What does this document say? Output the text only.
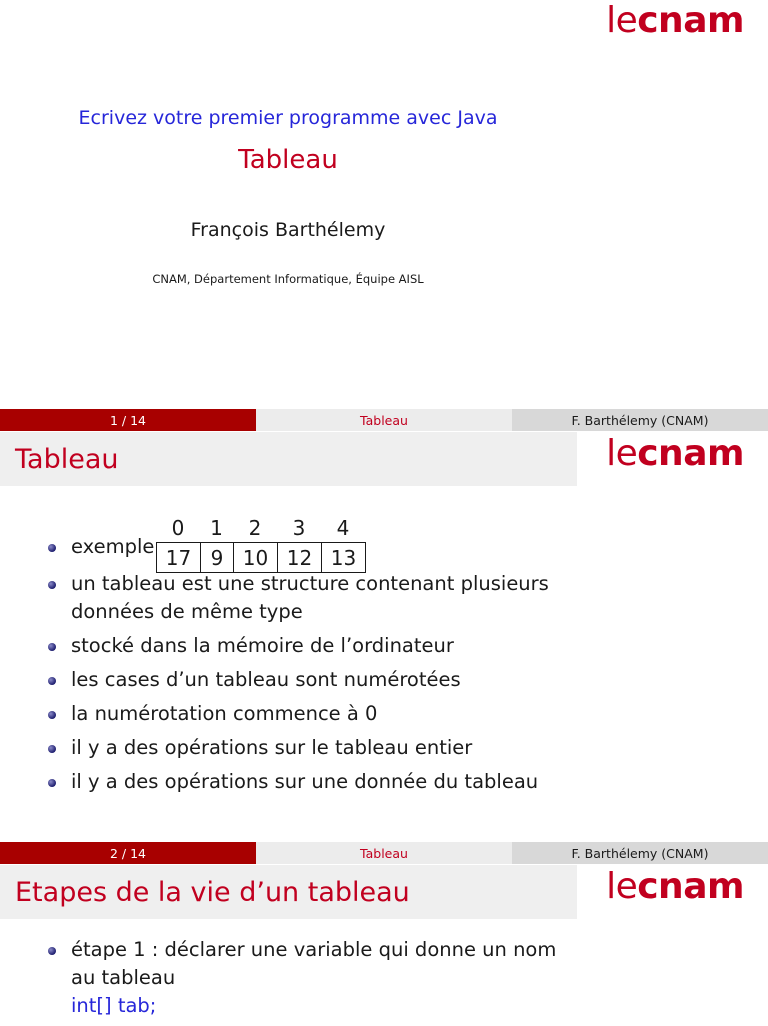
lecnam
Ecrivez votre premier programme avec Java
Tableau
François Barthélemy
CNAM, Département Informatique, Équipe AISL
1 / 14	Tableau	F. Barthélemy (CNAM)
Tableau	lecnam
exemple
un tableau est une structure contenant plusieurs données de même type
stocké dans la mémoire de l’ordinateur
les cases d’un tableau sont numérotées
la numérotation commence à 0
il y a des opérations sur le tableau entier
il y a des opérations sur une donnée du tableau
0	1	2	3	4
17 9 10 12 13
2 / 14	Tableau	F. Barthélemy (CNAM)
Etapes de la vie d’un tableau	lecnam
étape 1 : déclarer une variable qui donne un nom au tableau
int[] tab;
